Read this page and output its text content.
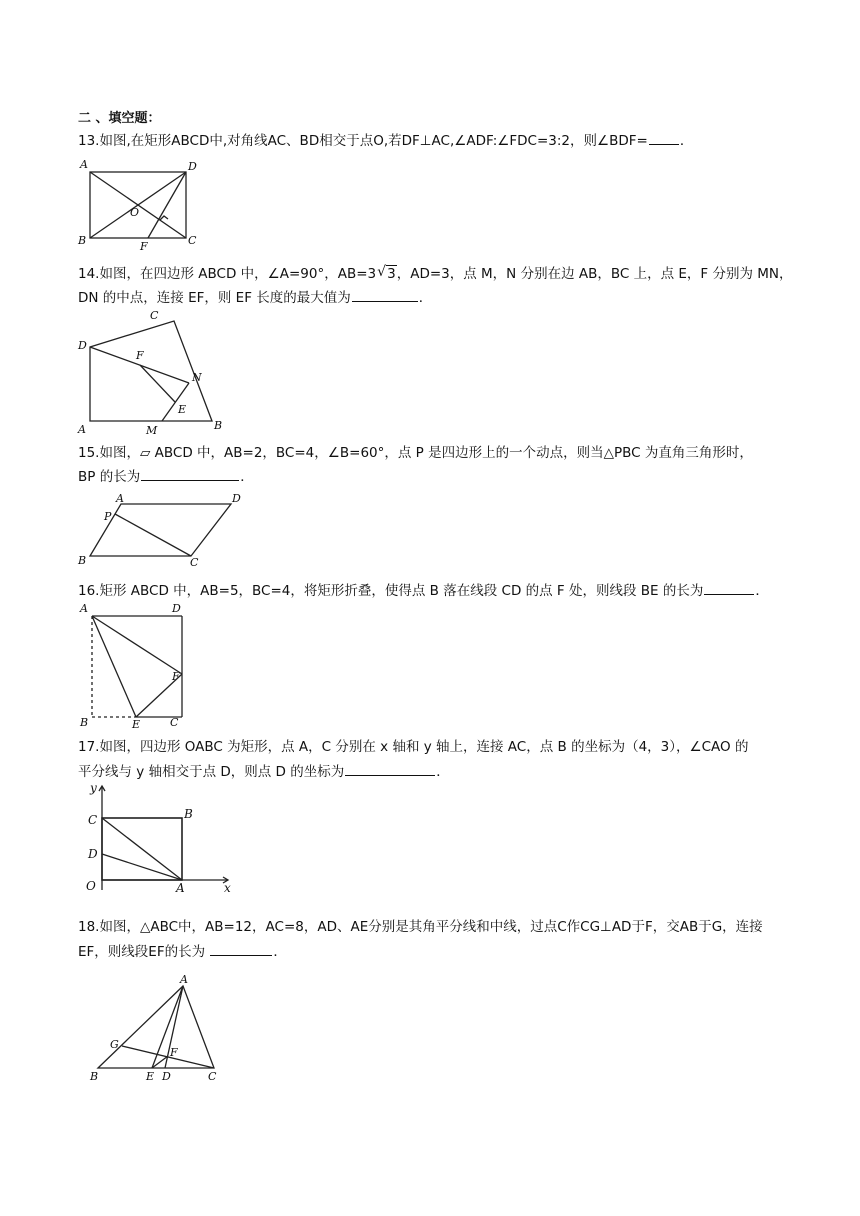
二 、填空题：
13.如图,在矩形ABCD中,对角线AC、BD相交于点O,若DF⊥AC,∠ADF:∠FDC=3:2，则∠BDF= ．
A	D
O
B	F	C
14.如图，在四边形 ABCD 中，∠A=90°，AB=3 √ 3，AD=3，点 M，N 分别在边 AB，BC 上，点 E，F 分别为 MN，
DN 的中点，连接 EF，则 EF 长度的最大值为	．
C
D
F
N
E
A	M	B
15.如图，▱ ABCD 中，AB=2，BC=4，∠B=60°，点 P 是四边形上的一个动点，则当△PBC 为直角三角形时，
BP 的长为	．
A	D
P
B	C
16.矩形 ABCD 中，AB=5，BC=4，将矩形折叠，使得点 B 落在线段 CD 的点 F 处，则线段 BE 的长为	．
A	D
F
B	E	C
17.如图，四边形 OABC 为矩形，点 A，C 分别在 x 轴和 y 轴上，连接 AC，点 B 的坐标为（4，3），∠CAO 的
平分线与 y 轴相交于点 D，则点 D 的坐标为	．
y
C	B
D
O	A	x
18.如图，△ABC中，AB=12，AC=8，AD、AE分别是其角平分线和中线，过点C作CG⊥AD于F，交AB于G，连接
EF，则线段EF的长为	．
A
G
F
B	E D	C
